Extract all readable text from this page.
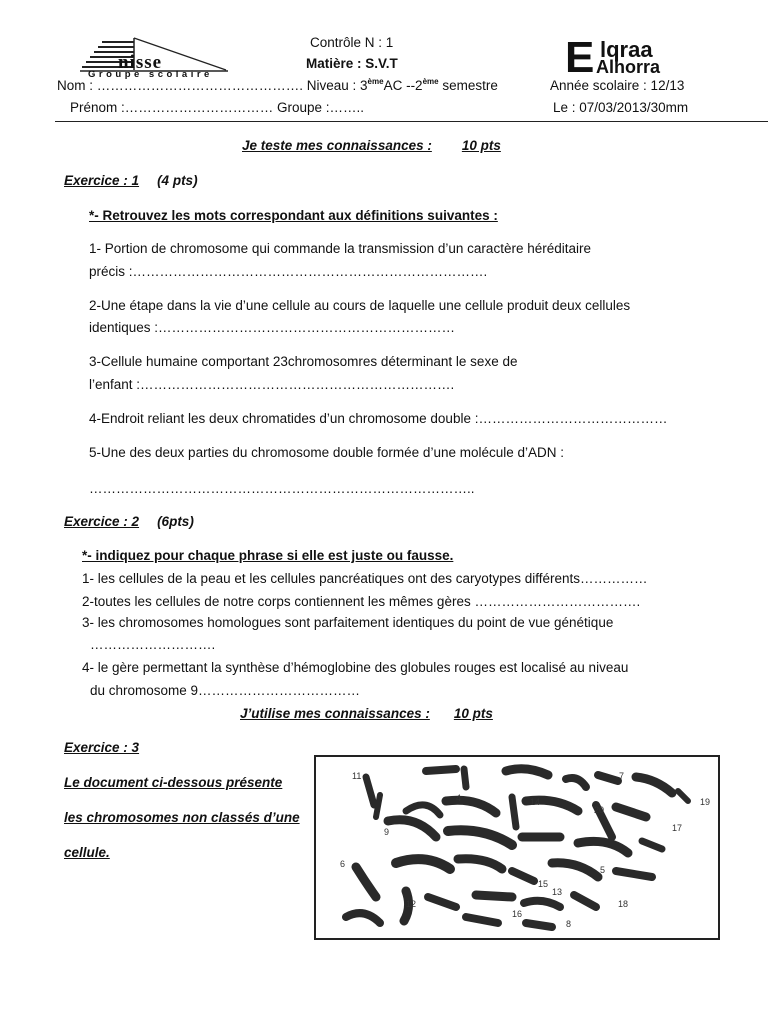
nisse
Groupe scolaire
Contrôle N : 1
Matière : S.V.T
Nom : ………………………………………. Niveau : 3èmeAC --2ème semestre
Prénom :…………………………… Groupe :……..
E lqraa
Alhorra
Année scolaire : 12/13
Le : 07/03/2013/30mm
Je teste mes connaissances : 10 pts
Exercice : 1 (4 pts)
*- Retrouvez les mots correspondant aux définitions suivantes :
1- Portion de chromosome qui commande la transmission d’un caractère héréditaire
précis :…………………………………………………………………….
2-Une étape dans la vie d’une cellule au cours de laquelle une cellule produit deux cellules
identiques :…………………………………………………………
3-Cellule humaine comportant 23chromosomres déterminant le sexe de
l’enfant :…………………………………………………………….
4-Endroit reliant les deux chromatides d’un chromosome double :……………………………………
5-Une des deux parties du chromosome double formée d’une molécule d’ADN :
…………………………………………………………………………..
Exercice : 2 (6pts)
*- indiquez pour chaque phrase si elle est juste ou fausse.
1- les cellules de la peau et les cellules pancréatiques ont des caryotypes différents……………
2-toutes les cellules de notre corps contiennent les mêmes gères ……………………………….
3- les chromosomes homologues sont parfaitement identiques du point de vue génétique
……………………….
4- le gère permettant la synthèse d’hémoglobine des globules rouges est localisé au niveau
du chromosome 9………………………………
J’utilise mes connaissances : 10 pts
Exercice : 3
Le document ci-dessous présente
les chromosomes non classés d’une
cellule.
11	7
14
4	19
20
9	17
6
5
12
13
18
16
8
15
